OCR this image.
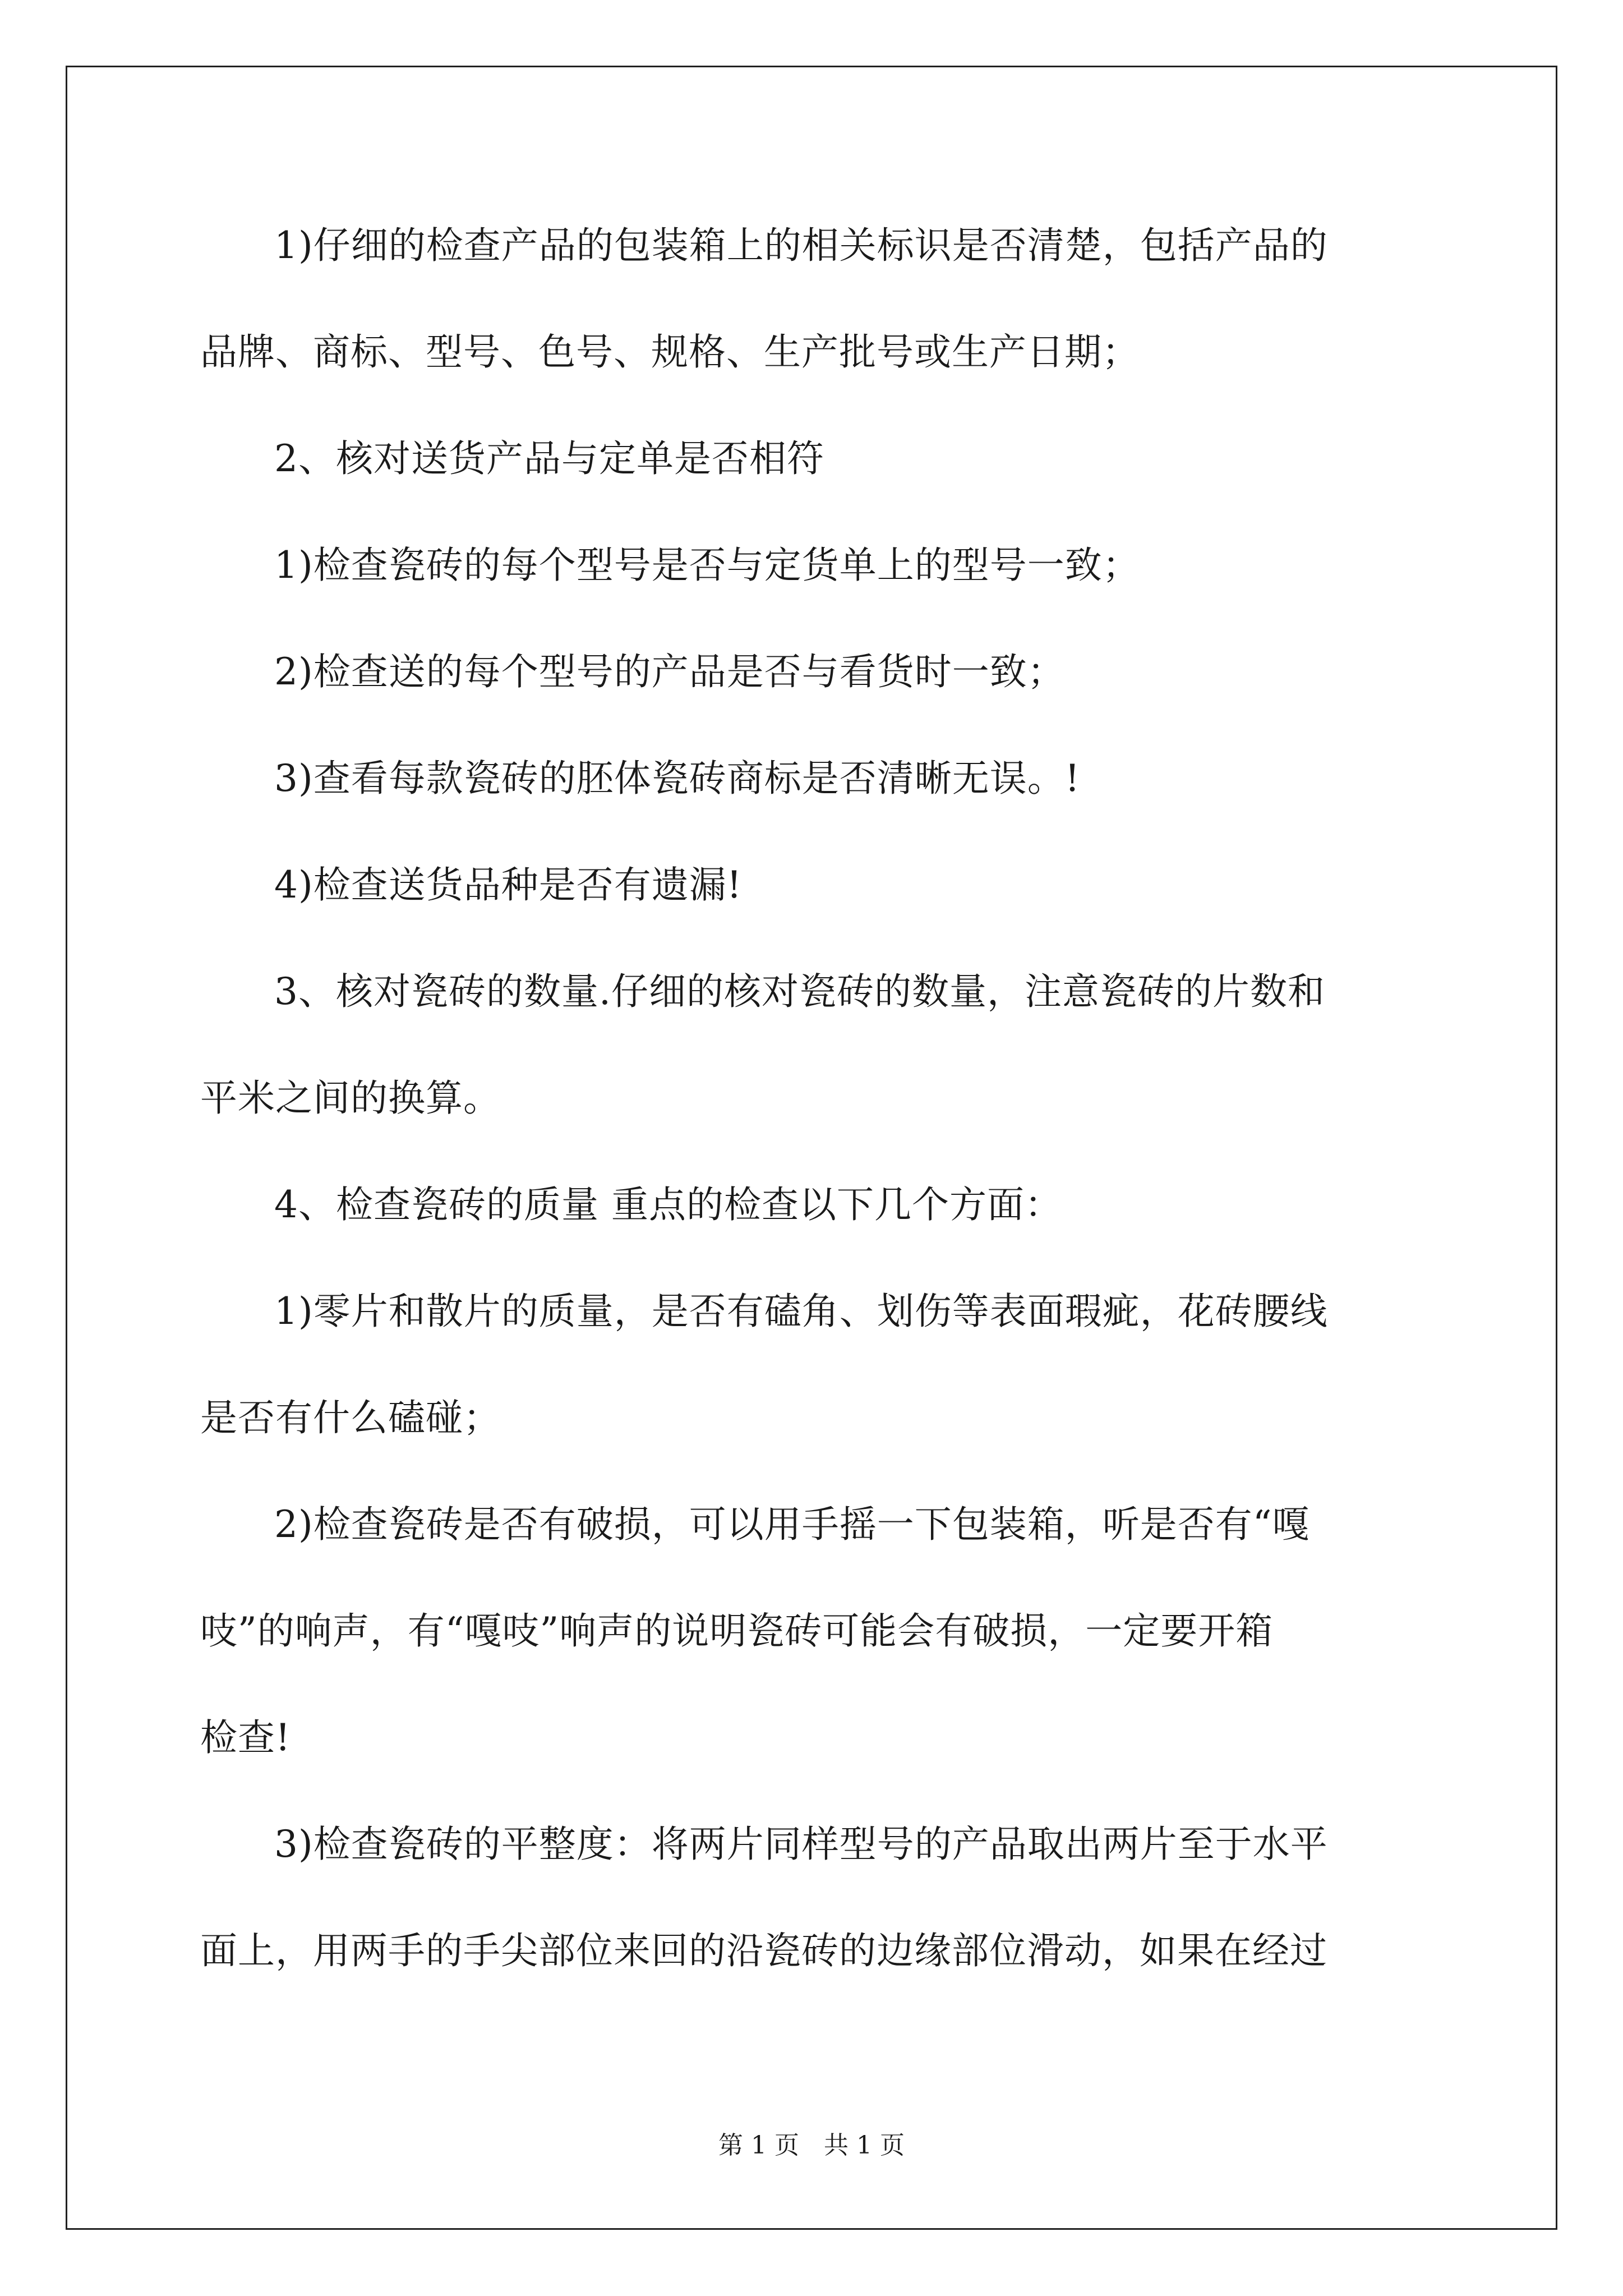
1)仔细的检查产品的包装箱上的相关标识是否清楚，包括产品的
品牌、商标、型号、色号、规格、生产批号或生产日期；
2、核对送货产品与定单是否相符
1)检查瓷砖的每个型号是否与定货单上的型号一致；
2)检查送的每个型号的产品是否与看货时一致；
3)查看每款瓷砖的胚体瓷砖商标是否清晰无误。!
4)检查送货品种是否有遗漏!
3、核对瓷砖的数量.仔细的核对瓷砖的数量，注意瓷砖的片数和
平米之间的换算。
4、检查瓷砖的质量 重点的检查以下几个方面：
1)零片和散片的质量，是否有磕角、划伤等表面瑕疵，花砖腰线
是否有什么磕碰；
2)检查瓷砖是否有破损，可以用手摇一下包装箱，听是否有“嘎
吱”的响声，有“嘎吱”响声的说明瓷砖可能会有破损，一定要开箱
检查!
3)检查瓷砖的平整度：将两片同样型号的产品取出两片至于水平
面上，用两手的手尖部位来回的沿瓷砖的边缘部位滑动，如果在经过
第 1 页　共 1 页
